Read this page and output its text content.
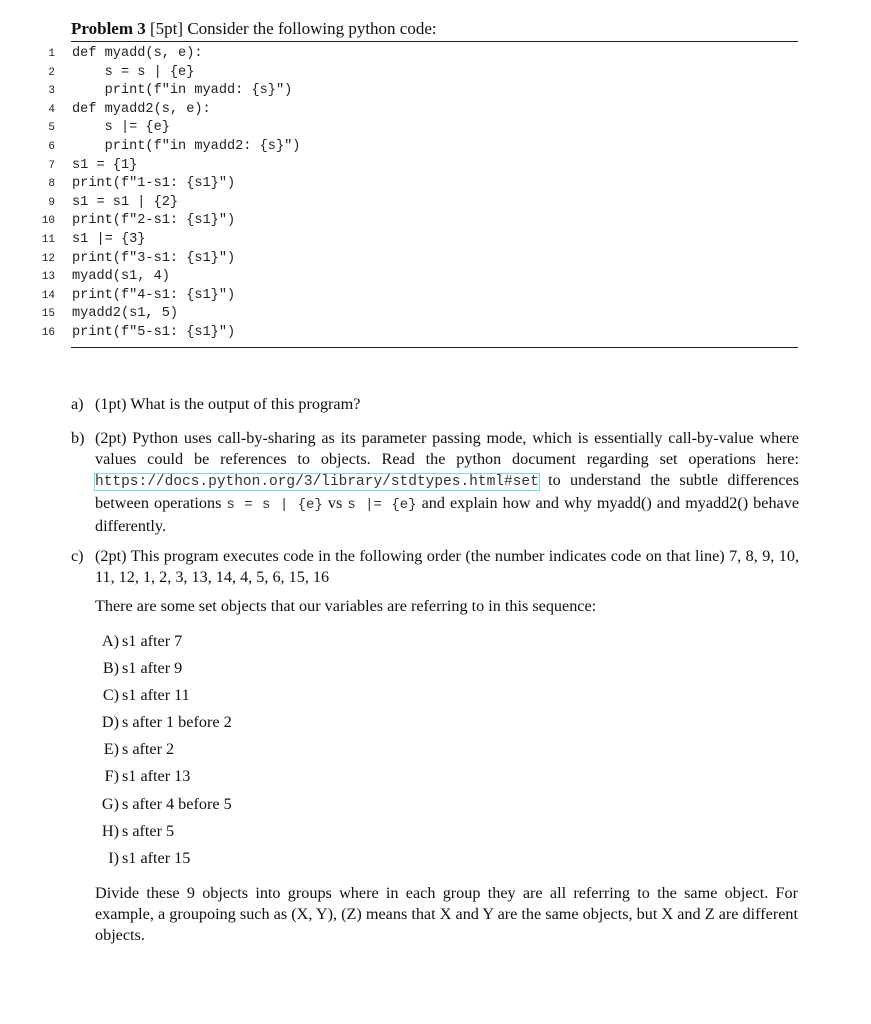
Problem 3 [5pt] Consider the following python code:
1 def myadd(s, e):
2 s = s | {e}
3 print(f"in myadd: {s}")
4 def myadd2(s, e):
5 s |= {e}
6 print(f"in myadd2: {s}")
7 s1 = {1}
8 print(f"1-s1: {s1}")
9 s1 = s1 | {2}
10 print(f"2-s1: {s1}")
11 s1 |= {3}
12 print(f"3-s1: {s1}")
13 myadd(s1, 4)
14 print(f"4-s1: {s1}")
15 myadd2(s1, 5)
16 print(f"5-s1: {s1}")
a) (1pt) What is the output of this program?
b) (2pt) Python uses call-by-sharing as its parameter passing mode, which is essentially call-by-value where values could be references to objects. Read the python document regarding set operations here: https://docs.python.org/3/library/stdtypes.html#set to understand the subtle differences between operations s = s | {e} vs s |= {e} and explain how and why myadd() and myadd2() behave differently.
c) (2pt) This program executes code in the following order (the number indicates code on that line) 7, 8, 9, 10, 11, 12, 1, 2, 3, 13, 14, 4, 5, 6, 15, 16
There are some set objects that our variables are referring to in this sequence:
A) s1 after 7
B) s1 after 9
C) s1 after 11
D) s after 1 before 2
E) s after 2
F) s1 after 13
G) s after 4 before 5
H) s after 5
I) s1 after 15
Divide these 9 objects into groups where in each group they are all referring to the same object. For example, a groupoing such as (X, Y), (Z) means that X and Y are the same objects, but X and Z are different objects.
